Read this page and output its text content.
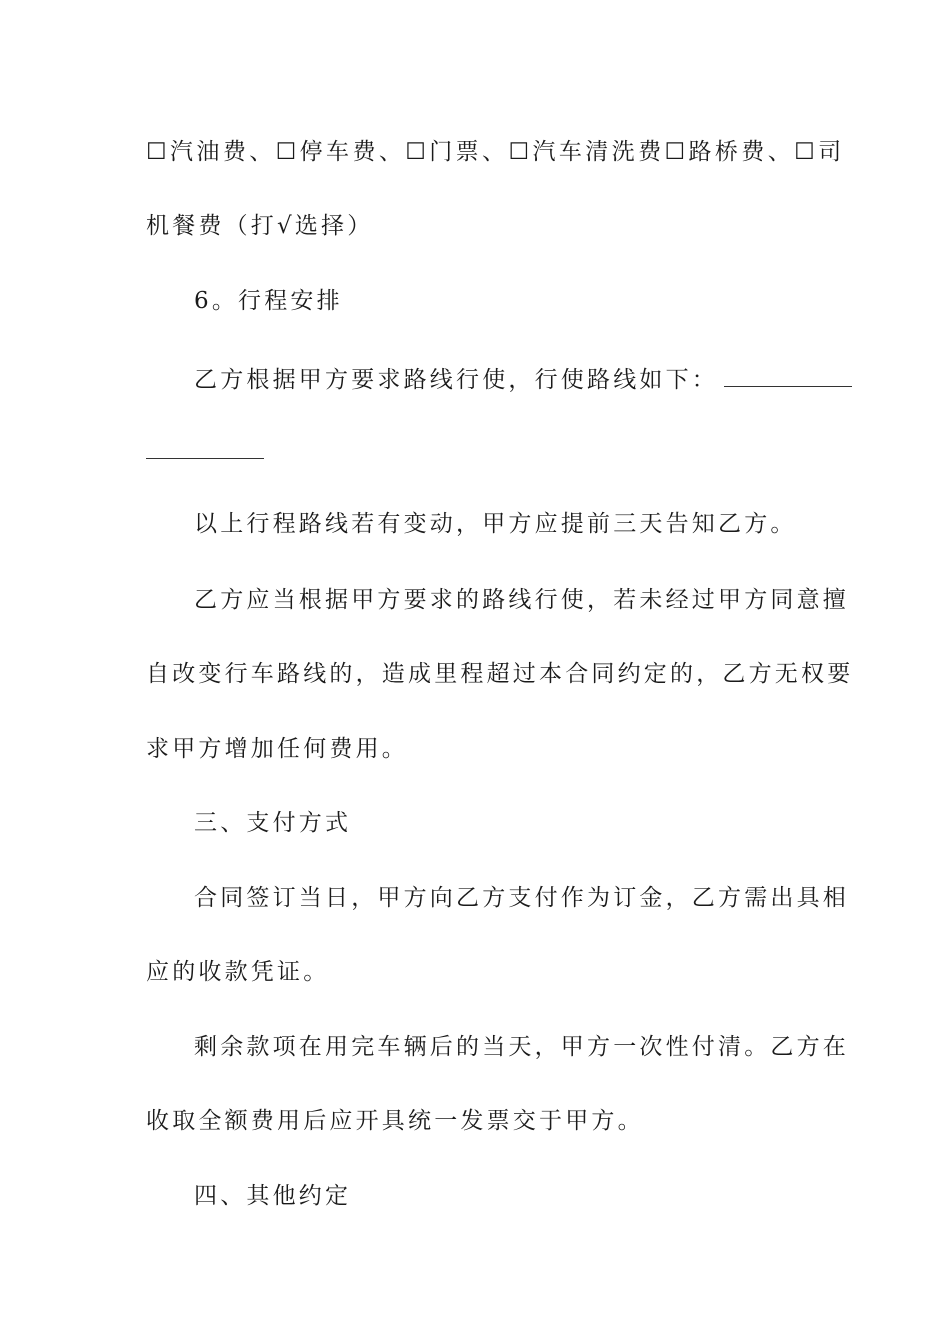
☐汽油费、☐停车费、☐门票、☐汽车清洗费☐路桥费、☐司
机餐费（打√选择）
6。行程安排
乙方根据甲方要求路线行使，行使路线如下：
以上行程路线若有变动，甲方应提前三天告知乙方。
乙方应当根据甲方要求的路线行使，若未经过甲方同意擅
自改变行车路线的，造成里程超过本合同约定的，乙方无权要
求甲方增加任何费用。
三、支付方式
合同签订当日，甲方向乙方支付作为订金，乙方需出具相
应的收款凭证。
剩余款项在用完车辆后的当天，甲方一次性付清。乙方在
收取全额费用后应开具统一发票交于甲方。
四、其他约定
